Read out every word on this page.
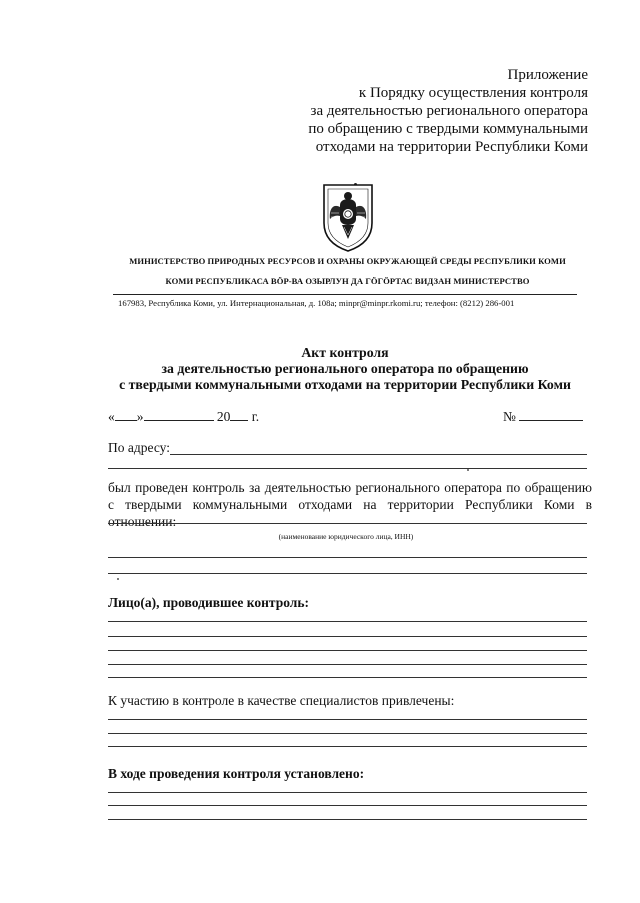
Приложение
к Порядку осуществления контроля
за деятельностью регионального оператора
по обращению с твердыми коммунальными
отходами на территории Республики Коми
МИНИСТЕРСТВО ПРИРОДНЫХ РЕСУРСОВ И ОХРАНЫ ОКРУЖАЮЩЕЙ СРЕДЫ РЕСПУБЛИКИ КОМИ
КОМИ РЕСПУБЛИКАСА ВÖР-ВА ОЗЫРЛУН ДА ГÖГÖРТАС ВИДЗАН МИНИСТЕРСТВО
167983, Республика Коми, ул. Интернациональная, д. 108а; minpr@minpr.rkomi.ru; телефон: (8212) 286-001
Акт контроля
за деятельностью регионального оператора по обращению
с твердыми коммунальными отходами на территории Республики Коми
« »	20 г.	№
По адресу:
был проведен контроль за деятельностью регионального оператора по обращению с твердыми коммунальными отходами на территории Республики Коми в отношении:
(наименование юридического лица, ИНН)
Лицо(а), проводившее контроль:
К участию в контроле в качестве специалистов привлечены:
В ходе проведения контроля установлено:
